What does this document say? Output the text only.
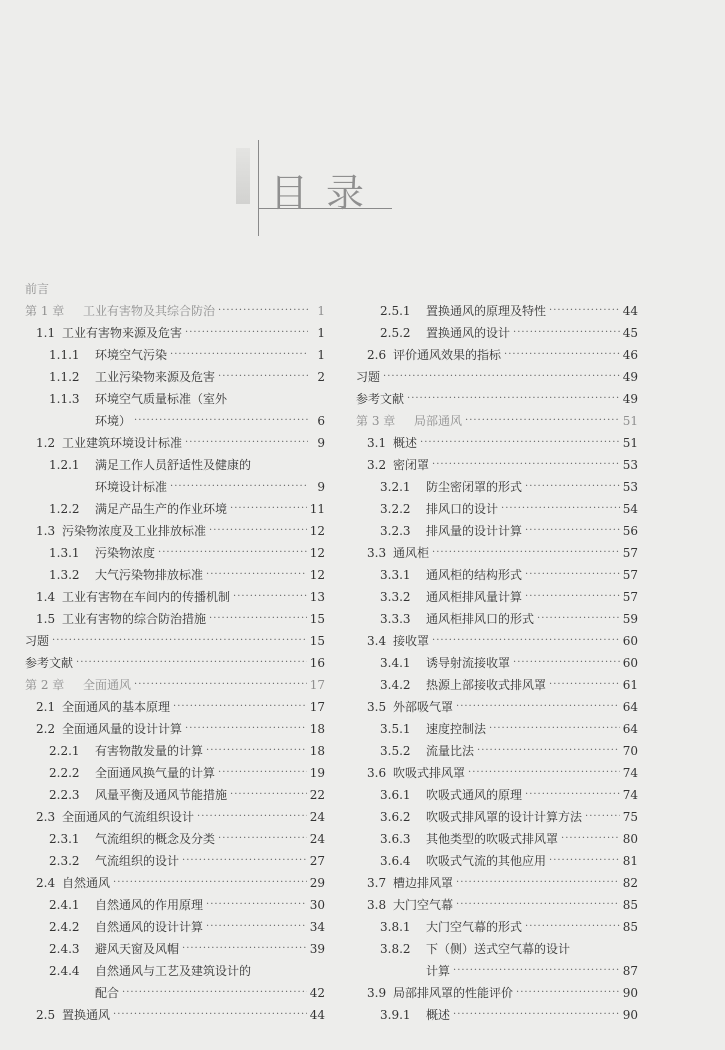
目录
前言
第 1 章	工业有害物及其综合防治 ·····	1
1.1 工业有害物来源及危害 ·····	1
1.1.1	环境空气污染 ·····	1
1.1.2	工业污染物来源及危害 ·····	2
1.1.3	环境空气质量标准（室外
环境） ·····	6
1.2 工业建筑环境设计标准 ·····	9
1.2.1	满足工作人员舒适性及健康的
环境设计标准 ·····	9
1.2.2	满足产品生产的作业环境 ·····	11
1.3 污染物浓度及工业排放标准 ·····	12
1.3.1	污染物浓度 ·····	12
1.3.2	大气污染物排放标准 ·····	12
1.4 工业有害物在车间内的传播机制 ·····	13
1.5 工业有害物的综合防治措施 ·····	15
习题 ·····	15
参考文献 ·····	16
第 2 章	全面通风 ·····	17
2.1 全面通风的基本原理 ·····	17
2.2 全面通风量的设计计算 ·····	18
2.2.1	有害物散发量的计算 ·····	18
2.2.2	全面通风换气量的计算 ·····	19
2.2.3	风量平衡及通风节能措施 ·····	22
2.3 全面通风的气流组织设计 ·····	24
2.3.1	气流组织的概念及分类 ·····	24
2.3.2	气流组织的设计 ·····	27
2.4 自然通风 ·····	29
2.4.1	自然通风的作用原理 ·····	30
2.4.2	自然通风的设计计算 ·····	34
2.4.3	避风天窗及风帽 ·····	39
2.4.4	自然通风与工艺及建筑设计的
配合 ·····	42
2.5 置换通风 ·····	44
2.5.1	置换通风的原理及特性 ·····	44
2.5.2	置换通风的设计 ·····	45
2.6 评价通风效果的指标 ·····	46
习题 ·····	49
参考文献 ·····	49
第 3 章	局部通风 ·····	51
3.1 概述 ·····	51
3.2 密闭罩 ·····	53
3.2.1	防尘密闭罩的形式 ·····	53
3.2.2	排风口的设计 ·····	54
3.2.3	排风量的设计计算 ·····	56
3.3 通风柜 ·····	57
3.3.1	通风柜的结构形式 ·····	57
3.3.2	通风柜排风量计算 ·····	57
3.3.3	通风柜排风口的形式 ·····	59
3.4 接收罩 ·····	60
3.4.1	诱导射流接收罩 ·····	60
3.4.2	热源上部接收式排风罩 ·····	61
3.5 外部吸气罩 ·····	64
3.5.1	速度控制法 ·····	64
3.5.2	流量比法 ·····	70
3.6 吹吸式排风罩 ·····	74
3.6.1	吹吸式通风的原理 ·····	74
3.6.2	吹吸式排风罩的设计计算方法 ·····	75
3.6.3	其他类型的吹吸式排风罩 ·····	80
3.6.4	吹吸式气流的其他应用 ·····	81
3.7 槽边排风罩 ·····	82
3.8 大门空气幕 ·····	85
3.8.1	大门空气幕的形式 ·····	85
3.8.2	下（侧）送式空气幕的设计
计算 ·····	87
3.9 局部排风罩的性能评价 ·····	90
3.9.1	概述 ·····	90
